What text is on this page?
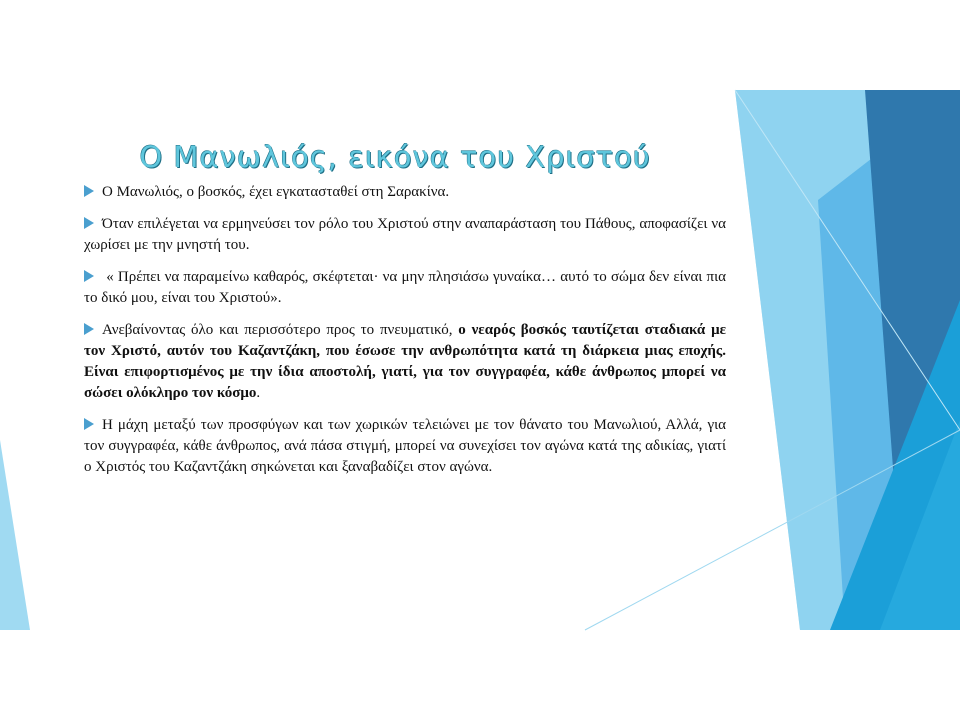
Ο Μανωλιός, εικόνα του Χριστού

Ο Μανωλιός, ο βοσκός, έχει εγκατασταθεί στη Σαρακίνα.

Όταν επιλέγεται να ερμηνεύσει τον ρόλο του Χριστού στην αναπαράσταση του Πάθους, αποφασίζει να χωρίσει με την μνηστή του.

« Πρέπει να παραμείνω καθαρός, σκέφτεται· να μην πλησιάσω γυναίκα… αυτό το σώμα δεν είναι πια το δικό μου, είναι του Χριστού».

Ανεβαίνοντας όλο και περισσότερο προς το πνευματικό, ο νεαρός βοσκός ταυτίζεται σταδιακά με τον Χριστό, αυτόν του Καζαντζάκη, που έσωσε την ανθρωπότητα κατά τη διάρκεια μιας εποχής. Είναι επιφορτισμένος με την ίδια αποστολή, γιατί, για τον συγγραφέα, κάθε άνθρωπος μπορεί να σώσει ολόκληρο τον κόσμο.

Η μάχη μεταξύ των προσφύγων και των χωρικών τελειώνει με τον θάνατο του Μανωλιού, Αλλά, για τον συγγραφέα, κάθε άνθρωπος, ανά πάσα στιγμή, μπορεί να συνεχίσει τον αγώνα κατά της αδικίας, γιατί ο Χριστός του Καζαντζάκη σηκώνεται και ξαναβαδίζει στον αγώνα.
